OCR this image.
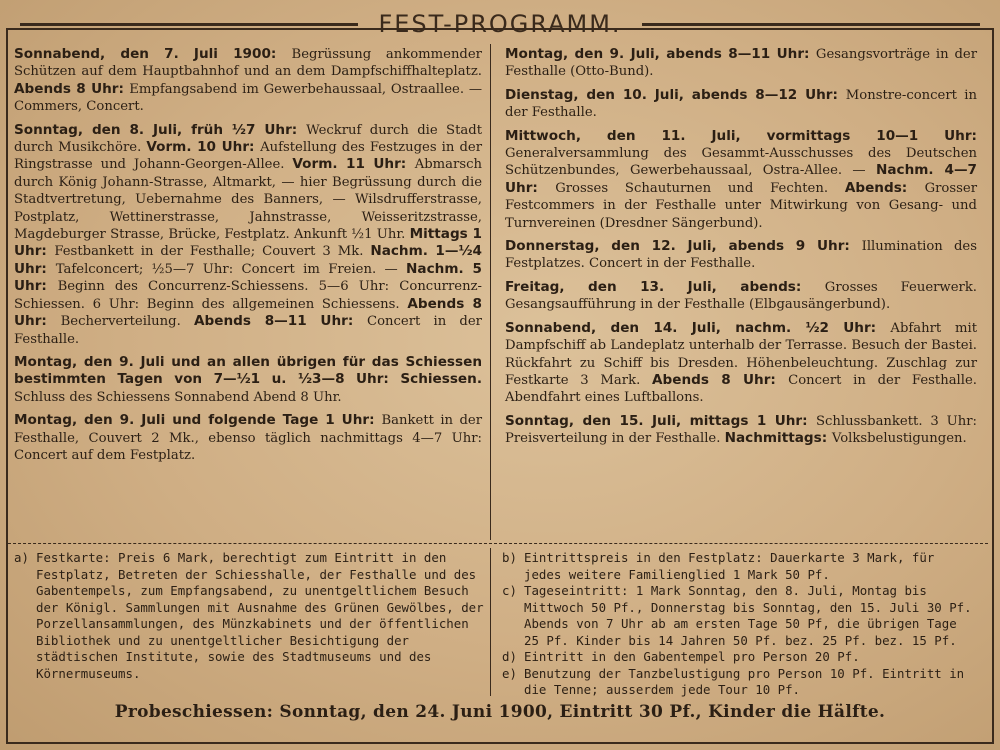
FEST-PROGRAMM.
Sonnabend, den 7. Juli 1900: Begrüssung ankommender Schützen auf dem Hauptbahnhof und an dem Dampfschiffhalteplatz. Abends 8 Uhr: Empfangsabend im Gewerbehaussaal, Ostraallee. — Commers, Concert.
Sonntag, den 8. Juli, früh ½7 Uhr: Weckruf durch die Stadt durch Musikchöre. Vorm. 10 Uhr: Aufstellung des Festzuges in der Ringstrasse und Johann-Georgen-Allee. Vorm. 11 Uhr: Abmarsch durch König Johann-Strasse, Altmarkt, — hier Begrüssung durch die Stadtvertretung, Uebernahme des Banners, — Wilsdrufferstrasse, Postplatz, Wettinerstrasse, Jahnstrasse, Weisseritzstrasse, Magdeburger Strasse, Brücke, Festplatz. Ankunft ½1 Uhr. Mittags 1 Uhr: Festbankett in der Festhalle; Couvert 3 Mk. Nachm. 1—½4 Uhr: Tafelconcert; ½5—7 Uhr: Concert im Freien. — Nachm. 5 Uhr: Beginn des Concurrenz-Schiessens. 5—6 Uhr: Concurrenz-Schiessen. 6 Uhr: Beginn des allgemeinen Schiessens. Abends 8 Uhr: Becherverteilung. Abends 8—11 Uhr: Concert in der Festhalle.
Montag, den 9. Juli und an allen übrigen für das Schiessen bestimmten Tagen von 7—½1 u. ½3—8 Uhr: Schiessen. Schluss des Schiessens Sonnabend Abend 8 Uhr.
Montag, den 9. Juli und folgende Tage 1 Uhr: Bankett in der Festhalle, Couvert 2 Mk., ebenso täglich nachmittags 4—7 Uhr: Concert auf dem Festplatz.
Montag, den 9. Juli, abends 8—11 Uhr: Gesangsvorträge in der Festhalle (Otto-Bund).
Dienstag, den 10. Juli, abends 8—12 Uhr: Monstre-concert in der Festhalle.
Mittwoch, den 11. Juli, vormittags 10—1 Uhr: Generalversammlung des Gesammt-Ausschusses des Deutschen Schützenbundes, Gewerbehaussaal, Ostra-Allee. — Nachm. 4—7 Uhr: Grosses Schauturnen und Fechten. Abends: Grosser Festcommers in der Festhalle unter Mitwirkung von Gesang- und Turnvereinen (Dresdner Sängerbund).
Donnerstag, den 12. Juli, abends 9 Uhr: Illumination des Festplatzes. Concert in der Festhalle.
Freitag, den 13. Juli, abends: Grosses Feuerwerk. Gesangsaufführung in der Festhalle (Elbgausängerbund).
Sonnabend, den 14. Juli, nachm. ½2 Uhr: Abfahrt mit Dampfschiff ab Landeplatz unterhalb der Terrasse. Besuch der Bastei. Rückfahrt zu Schiff bis Dresden. Höhenbeleuchtung. Zuschlag zur Festkarte 3 Mark. Abends 8 Uhr: Concert in der Festhalle. Abendfahrt eines Luftballons.
Sonntag, den 15. Juli, mittags 1 Uhr: Schlussbankett. 3 Uhr: Preisverteilung in der Festhalle. Nachmittags: Volksbelustigungen.
a) Festkarte: Preis 6 Mark, berechtigt zum Eintritt in den Festplatz, Betreten der Schiesshalle, der Festhalle und des Gabentempels, zum Empfangsabend, zu unentgeltlichem Besuch der Königl. Sammlungen mit Ausnahme des Grünen Gewölbes, der Porzellansammlungen, des Münzkabinets und der öffentlichen Bibliothek und zu unentgeltlicher Besichtigung der städtischen Institute, sowie des Stadtmuseums und des Körnermuseums.
b) Eintrittspreis in den Festplatz: Dauerkarte 3 Mark, für jedes weitere Familienglied 1 Mark 50 Pf.
c) Tageseintritt: 1 Mark Sonntag, den 8. Juli, Montag bis Mittwoch 50 Pf., Donnerstag bis Sonntag, den 15. Juli 30 Pf. Abends von 7 Uhr ab am ersten Tage 50 Pf, die übrigen Tage 25 Pf. Kinder bis 14 Jahren 50 Pf. bez. 25 Pf. bez. 15 Pf.
d) Eintritt in den Gabentempel pro Person 20 Pf.
e) Benutzung der Tanzbelustigung pro Person 10 Pf. Eintritt in die Tenne; ausserdem jede Tour 10 Pf.
Probeschiessen: Sonntag, den 24. Juni 1900, Eintritt 30 Pf., Kinder die Hälfte.
